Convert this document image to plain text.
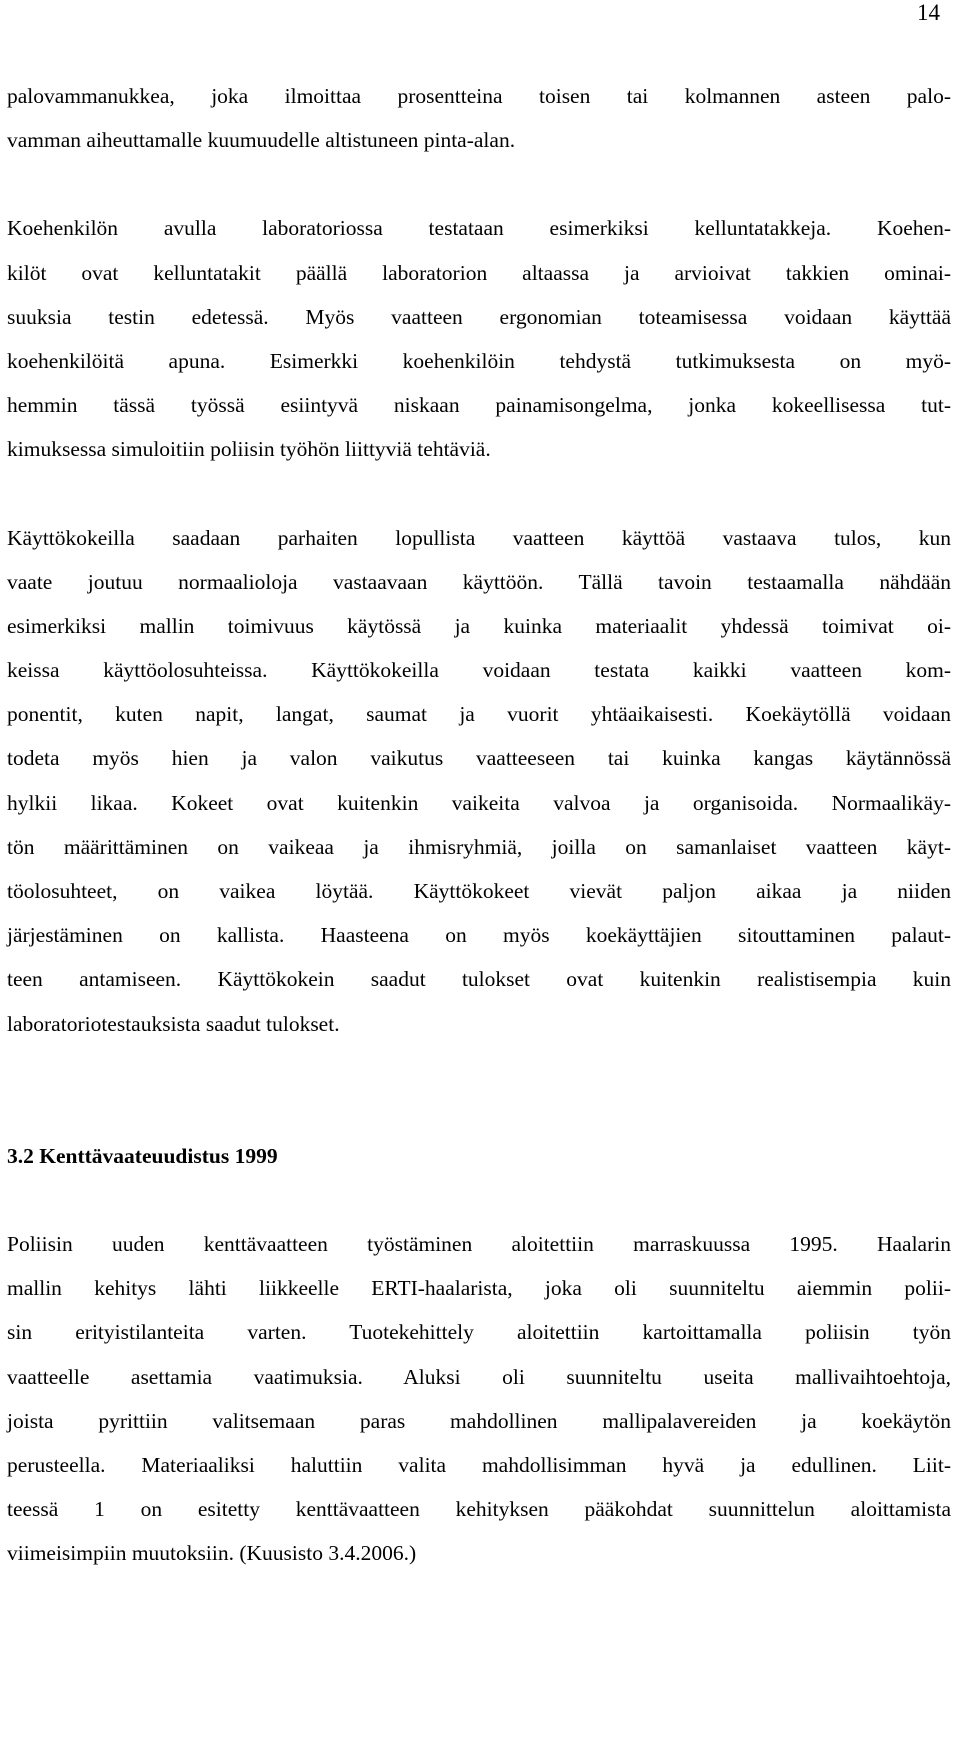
14
palovammanukkea, joka ilmoittaa prosentteina toisen tai kolmannen asteen palo-
vamman aiheuttamalle kuumuudelle altistuneen pinta-alan.
Koehenkilön avulla laboratoriossa testataan esimerkiksi kelluntatakkeja. Koehen-
kilöt ovat kelluntatakit päällä laboratorion altaassa ja arvioivat takkien ominai-
suuksia testin edetessä. Myös vaatteen ergonomian toteamisessa voidaan käyttää
koehenkilöitä apuna. Esimerkki koehenkilöin tehdystä tutkimuksesta on myö-
hemmin tässä työssä esiintyvä niskaan painamisongelma, jonka kokeellisessa tut-
kimuksessa simuloitiin poliisin työhön liittyviä tehtäviä.
Käyttökokeilla saadaan parhaiten lopullista vaatteen käyttöä vastaava tulos, kun
vaate joutuu normaalioloja vastaavaan käyttöön. Tällä tavoin testaamalla nähdään
esimerkiksi mallin toimivuus käytössä ja kuinka materiaalit yhdessä toimivat oi-
keissa käyttöolosuhteissa. Käyttökokeilla voidaan testata kaikki vaatteen kom-
ponentit, kuten napit, langat, saumat ja vuorit yhtäaikaisesti. Koekäytöllä voidaan
todeta myös hien ja valon vaikutus vaatteeseen tai kuinka kangas käytännössä
hylkii likaa. Kokeet ovat kuitenkin vaikeita valvoa ja organisoida. Normaalikäy-
tön määrittäminen on vaikeaa ja ihmisryhmiä, joilla on samanlaiset vaatteen käyt-
töolosuhteet, on vaikea löytää. Käyttökokeet vievät paljon aikaa ja niiden
järjestäminen on kallista. Haasteena on myös koekäyttäjien sitouttaminen palaut-
teen antamiseen. Käyttökokein saadut tulokset ovat kuitenkin realistisempia kuin
laboratoriotestauksista saadut tulokset.
3.2 Kenttävaateuudistus 1999
Poliisin uuden kenttävaatteen työstäminen aloitettiin marraskuussa 1995. Haalarin
mallin kehitys lähti liikkeelle ERTI-haalarista, joka oli suunniteltu aiemmin polii-
sin erityistilanteita varten. Tuotekehittely aloitettiin kartoittamalla poliisin työn
vaatteelle asettamia vaatimuksia. Aluksi oli suunniteltu useita mallivaihtoehtoja,
joista pyrittiin valitsemaan paras mahdollinen mallipalavereiden ja koekäytön
perusteella. Materiaaliksi haluttiin valita mahdollisimman hyvä ja edullinen. Liit-
teessä 1 on esitetty kenttävaatteen kehityksen pääkohdat suunnittelun aloittamista
viimeisimpiin muutoksiin. (Kuusisto 3.4.2006.)
